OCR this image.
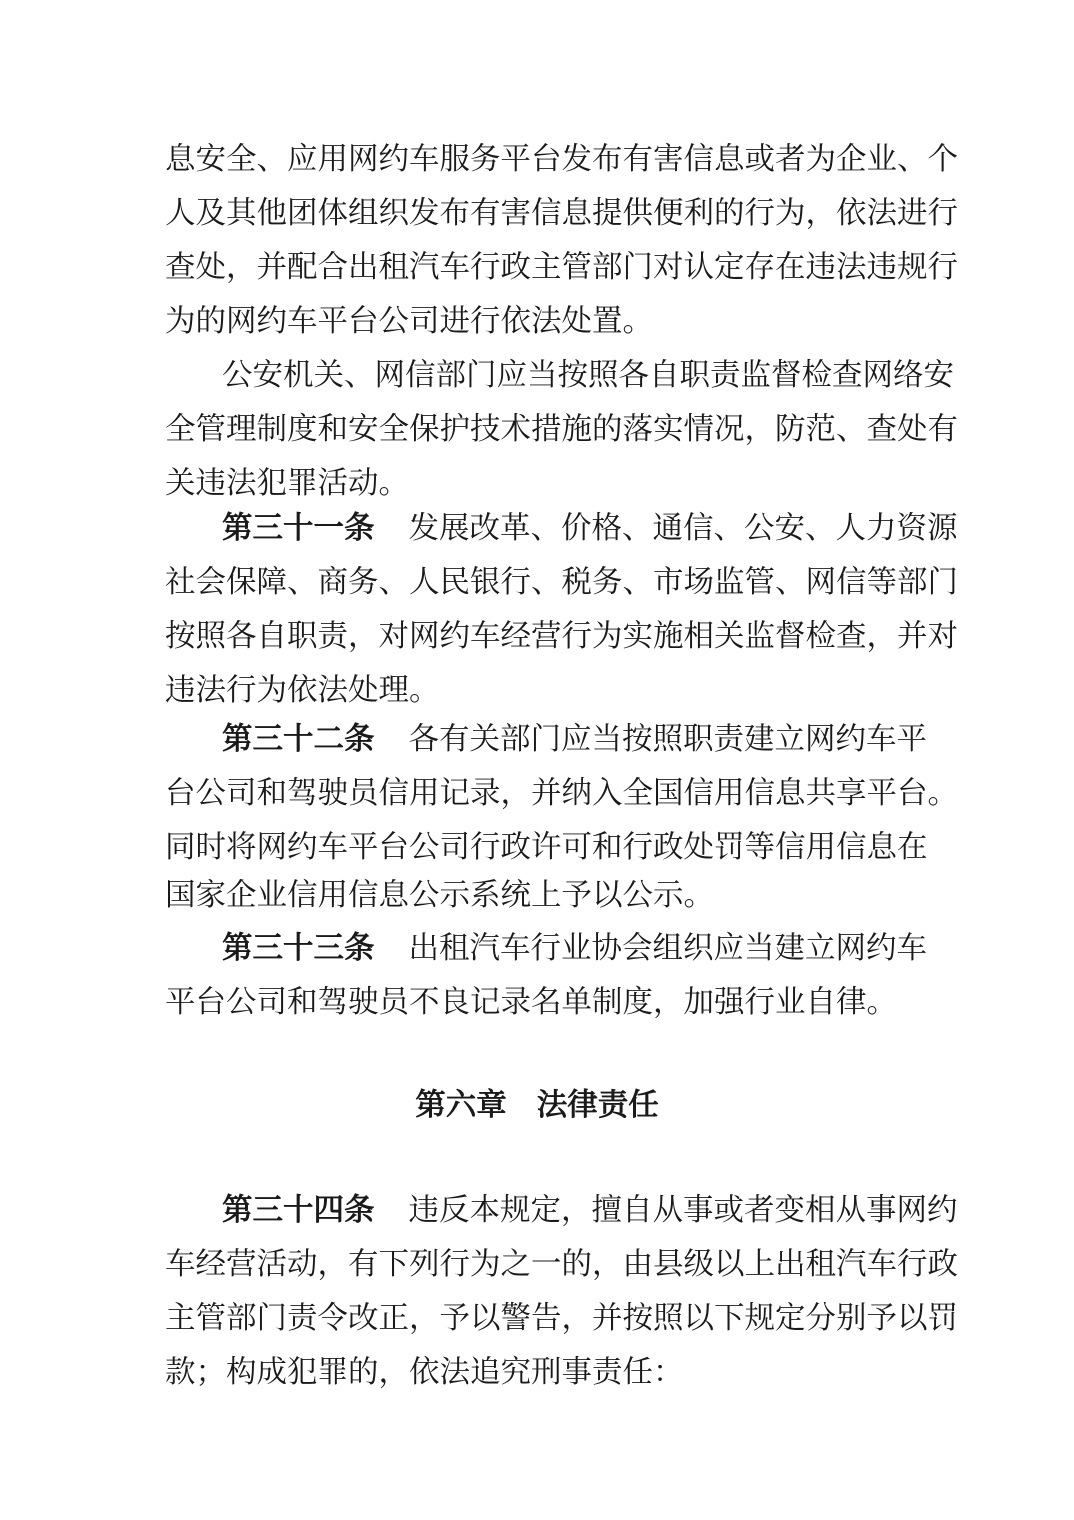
息安全、应用网约车服务平台发布有害信息或者为企业、个
人及其他团体组织发布有害信息提供便利的行为，依法进行
查处，并配合出租汽车行政主管部门对认定存在违法违规行
为的网约车平台公司进行依法处置。
公安机关、网信部门应当按照各自职责监督检查网络安
全管理制度和安全保护技术措施的落实情况，防范、查处有
关违法犯罪活动。
第三十一条 发展改革、价格、通信、公安、人力资源
社会保障、商务、人民银行、税务、市场监管、网信等部门
按照各自职责，对网约车经营行为实施相关监督检查，并对
违法行为依法处理。
第三十二条 各有关部门应当按照职责建立网约车平
台公司和驾驶员信用记录，并纳入全国信用信息共享平台。
同时将网约车平台公司行政许可和行政处罚等信用信息在
国家企业信用信息公示系统上予以公示。
第三十三条 出租汽车行业协会组织应当建立网约车
平台公司和驾驶员不良记录名单制度，加强行业自律。
第六章 法律责任
第三十四条 违反本规定，擅自从事或者变相从事网约
车经营活动，有下列行为之一的，由县级以上出租汽车行政
主管部门责令改正，予以警告，并按照以下规定分别予以罚
款；构成犯罪的，依法追究刑事责任：
